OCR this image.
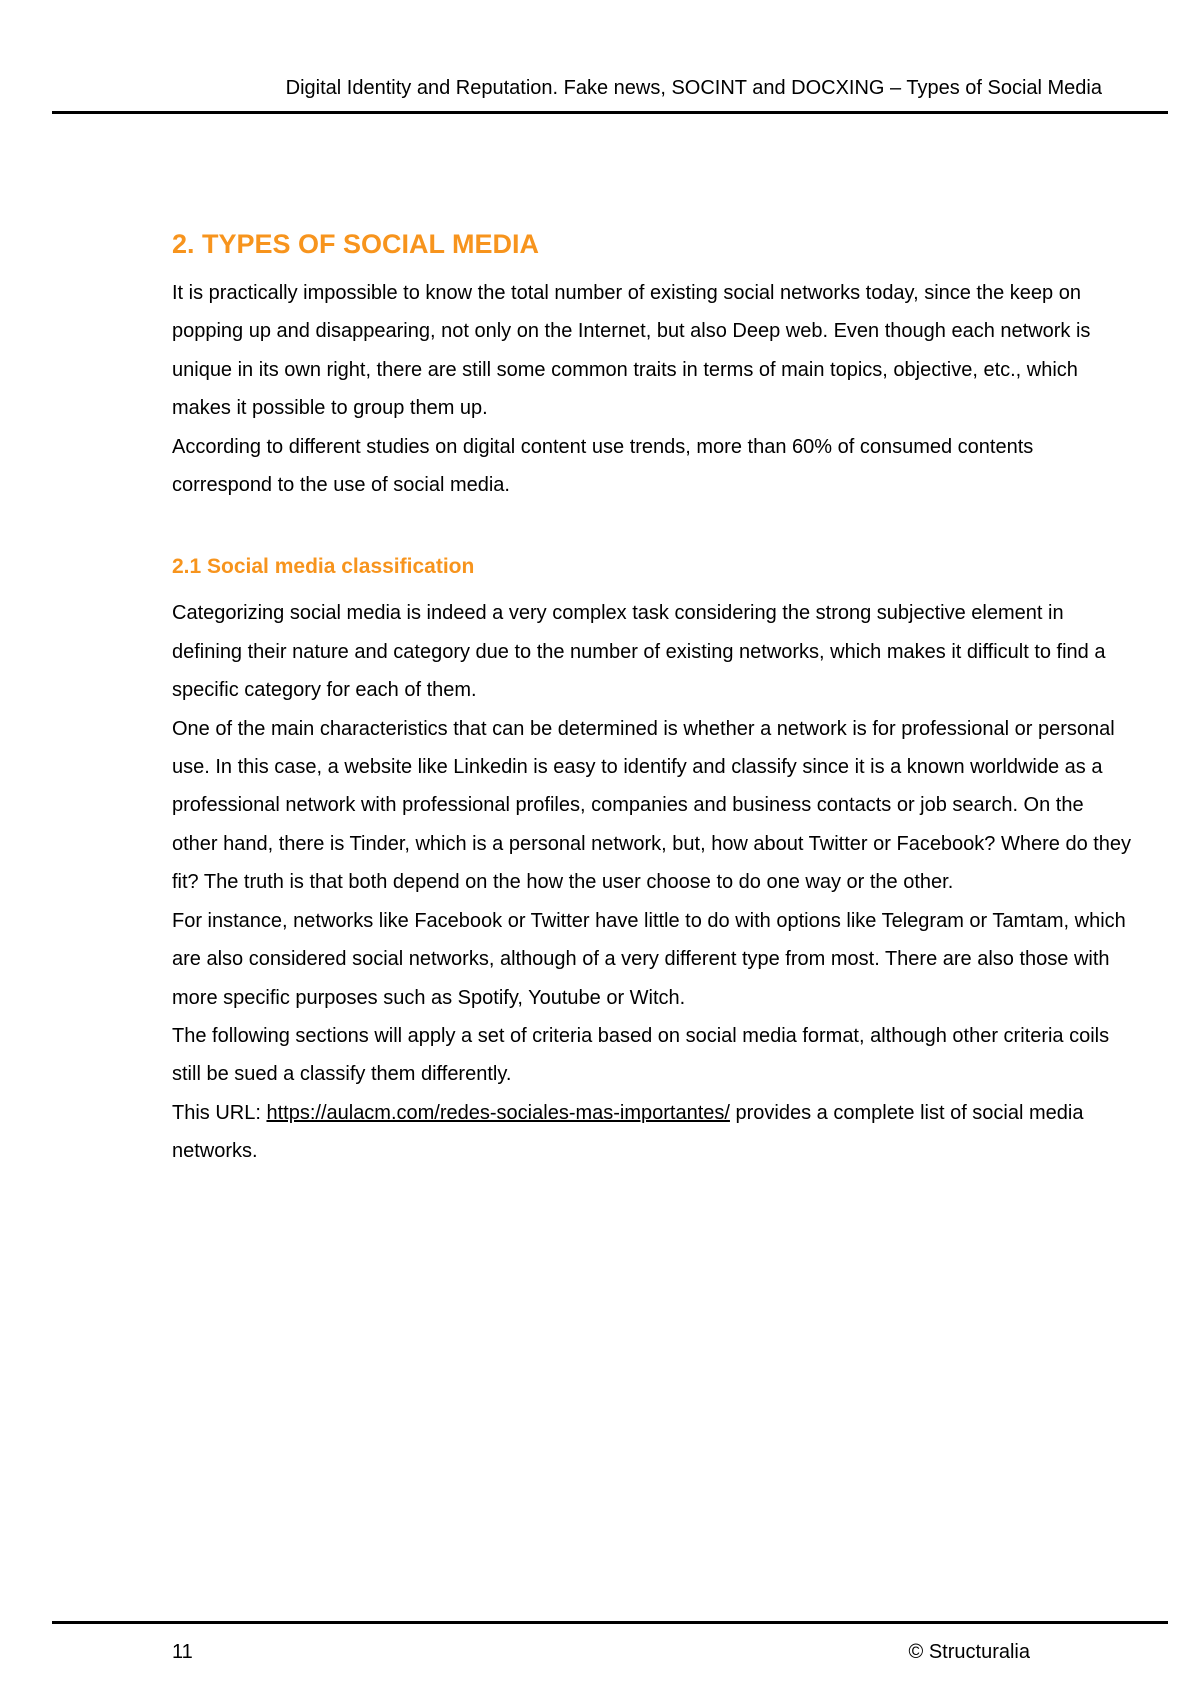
Digital Identity and Reputation. Fake news, SOCINT and DOCXING – Types of Social Media
2. TYPES OF SOCIAL MEDIA

It is practically impossible to know the total number of existing social networks today, since the keep on popping up and disappearing, not only on the Internet, but also Deep web. Even though each network is unique in its own right, there are still some common traits in terms of main topics, objective, etc., which makes it possible to group them up.

According to different studies on digital content use trends, more than 60% of consumed contents correspond to the use of social media.

2.1 Social media classification

Categorizing social media is indeed a very complex task considering the strong subjective element in defining their nature and category due to the number of existing networks, which makes it difficult to find a specific category for each of them.

One of the main characteristics that can be determined is whether a network is for professional or personal use. In this case, a website like Linkedin is easy to identify and classify since it is a known worldwide as a professional network with professional profiles, companies and business contacts or job search. On the other hand, there is Tinder, which is a personal network, but, how about Twitter or Facebook? Where do they fit? The truth is that both depend on the how the user choose to do one way or the other.

For instance, networks like Facebook or Twitter have little to do with options like Telegram or Tamtam, which are also considered social networks, although of a very different type from most. There are also those with more specific purposes such as Spotify, Youtube or Witch.

The following sections will apply a set of criteria based on social media format, although other criteria coils still be sued a classify them differently.

This URL: https://aulacm.com/redes-sociales-mas-importantes/ provides a complete list of social media networks.

11	© Structuralia
